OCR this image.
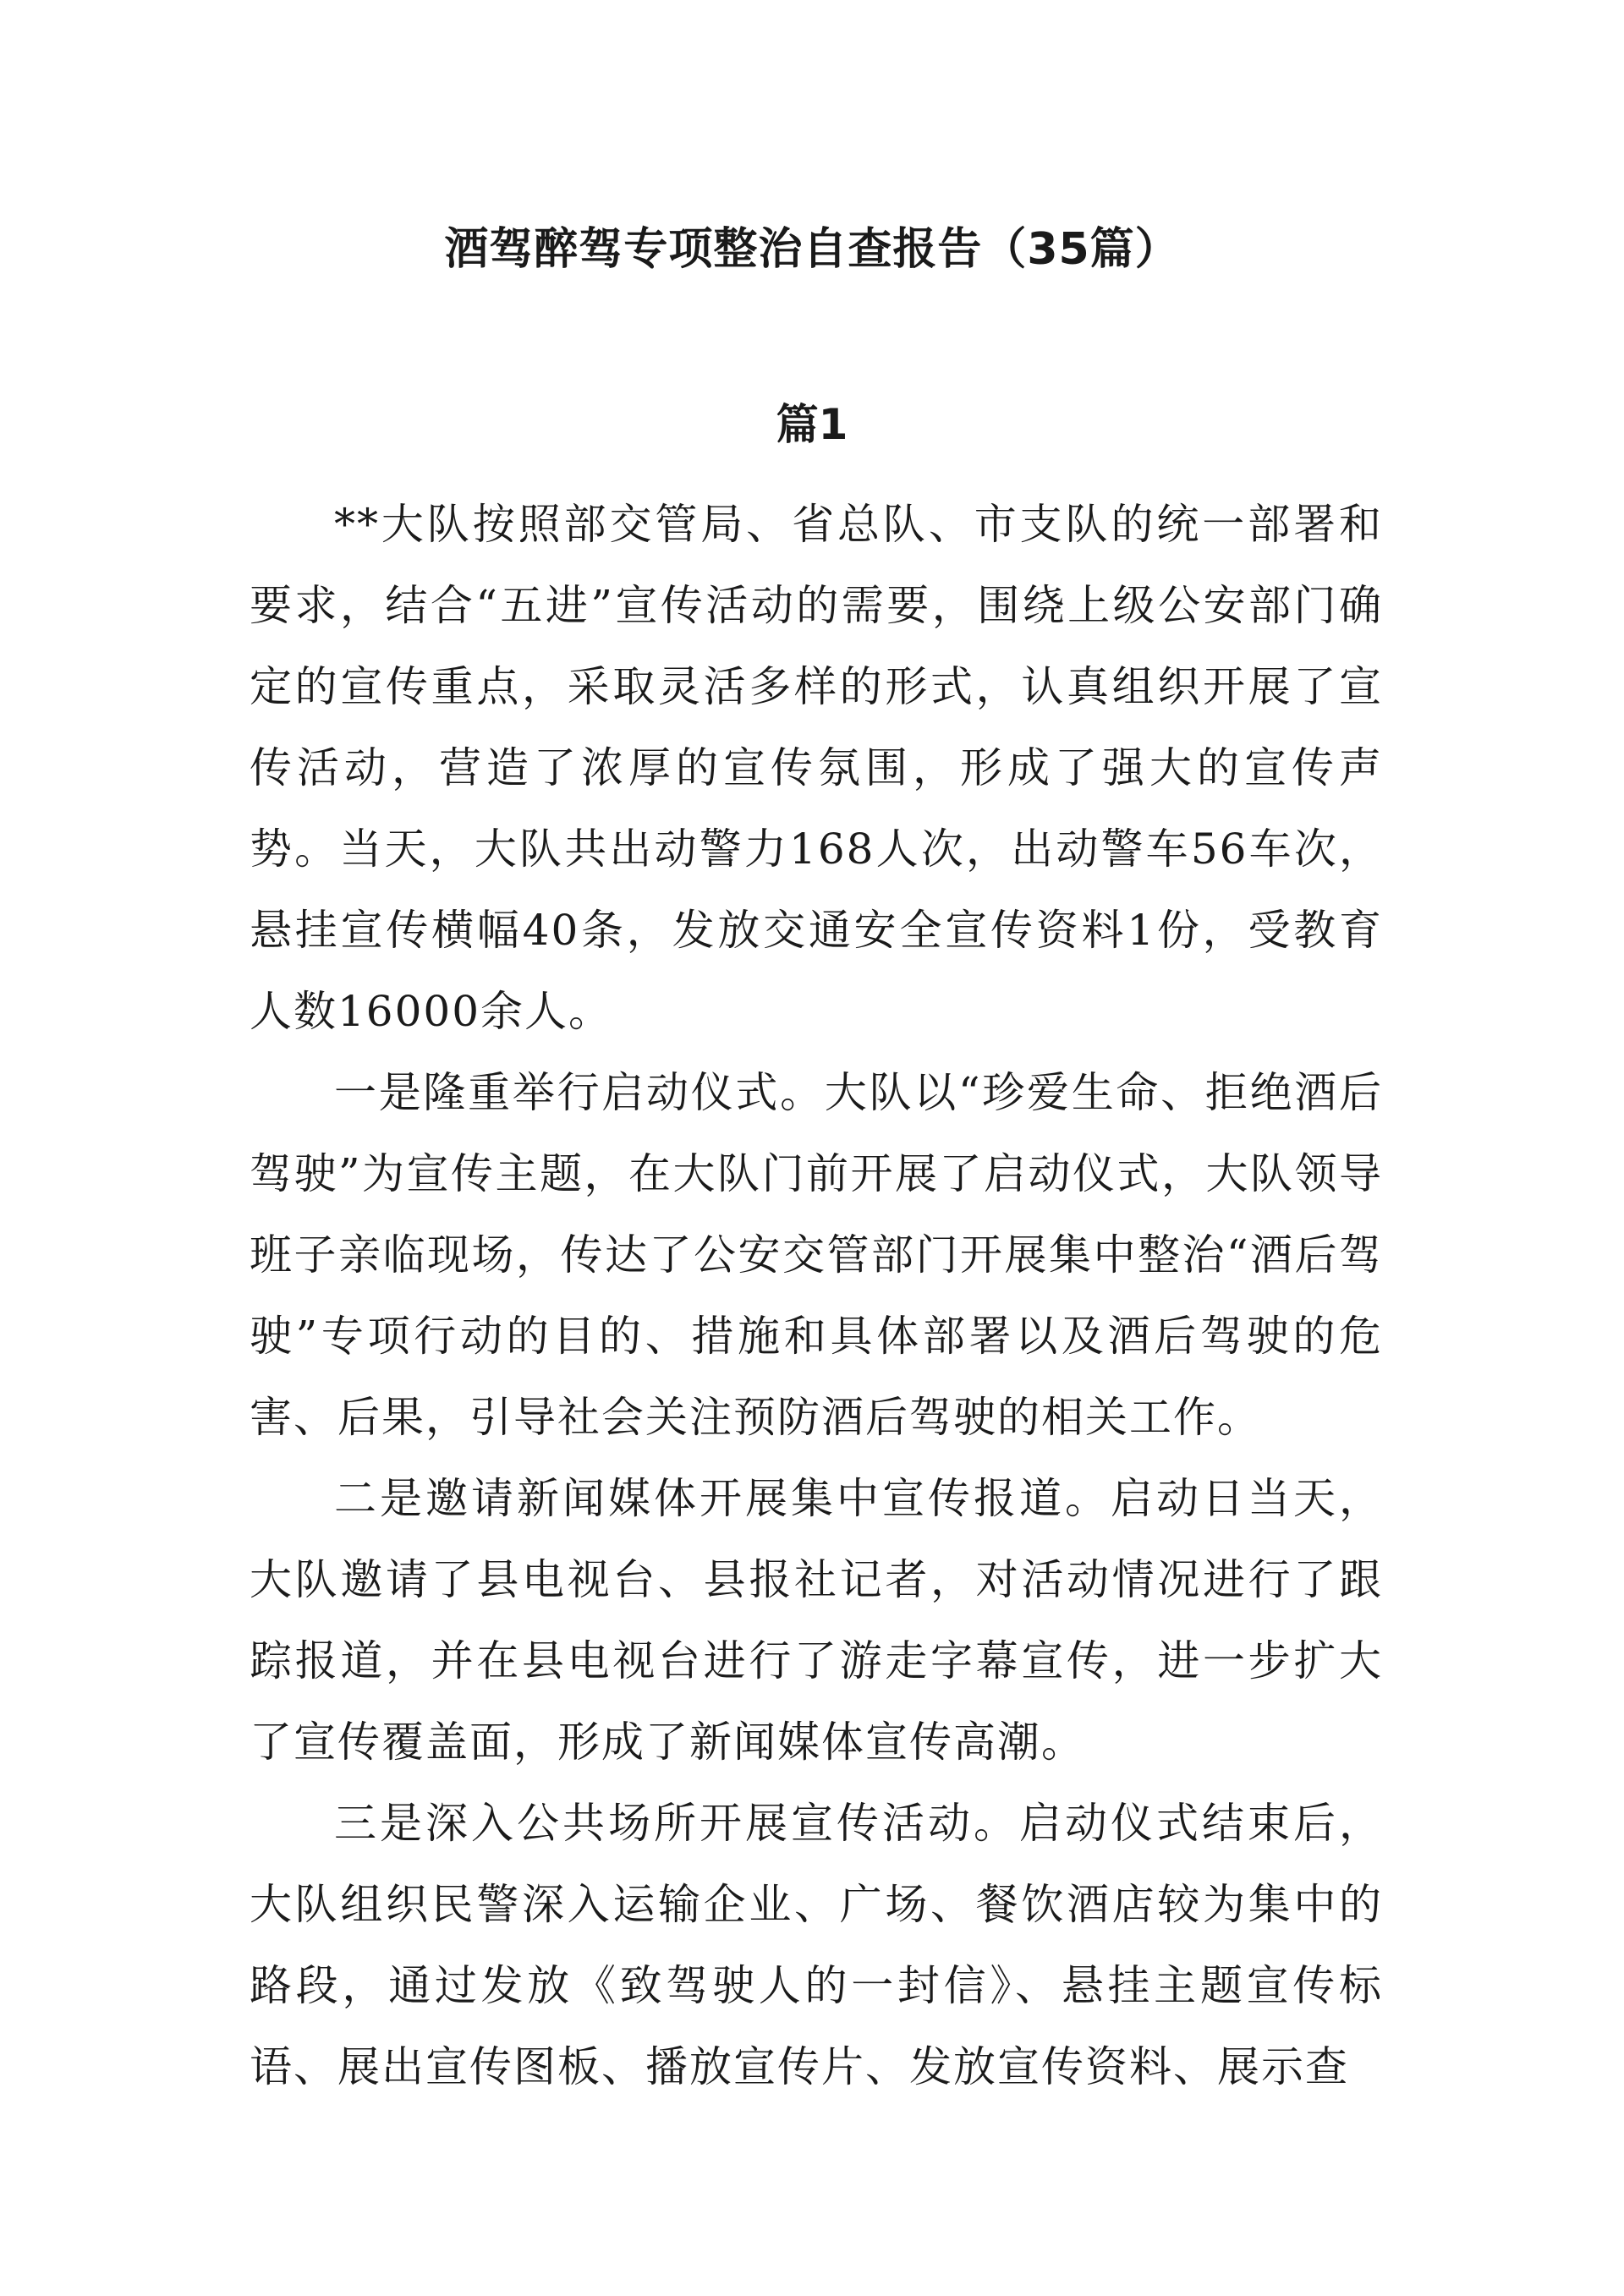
酒驾醉驾专项整治自查报告（35篇）
篇1

**大队按照部交管局、省总队、市支队的统一部署和要求，结合“五进”宣传活动的需要，围绕上级公安部门确定的宣传重点，采取灵活多样的形式，认真组织开展了宣传活动，营造了浓厚的宣传氛围，形成了强大的宣传声势。当天，大队共出动警力168人次，出动警车56车次，悬挂宣传横幅40条，发放交通安全宣传资料1份，受教育人数16000余人。

一是隆重举行启动仪式。大队以“珍爱生命、拒绝酒后驾驶”为宣传主题，在大队门前开展了启动仪式，大队领导班子亲临现场，传达了公安交管部门开展集中整治“酒后驾驶”专项行动的目的、措施和具体部署以及酒后驾驶的危害、后果，引导社会关注预防酒后驾驶的相关工作。

二是邀请新闻媒体开展集中宣传报道。启动日当天，大队邀请了县电视台、县报社记者，对活动情况进行了跟踪报道，并在县电视台进行了游走字幕宣传，进一步扩大了宣传覆盖面，形成了新闻媒体宣传高潮。

三是深入公共场所开展宣传活动。启动仪式结束后，大队组织民警深入运输企业、广场、餐饮酒店较为集中的路段，通过发放《致驾驶人的一封信》、悬挂主题宣传标语、展出宣传图板、播放宣传片、发放宣传资料、展示查
